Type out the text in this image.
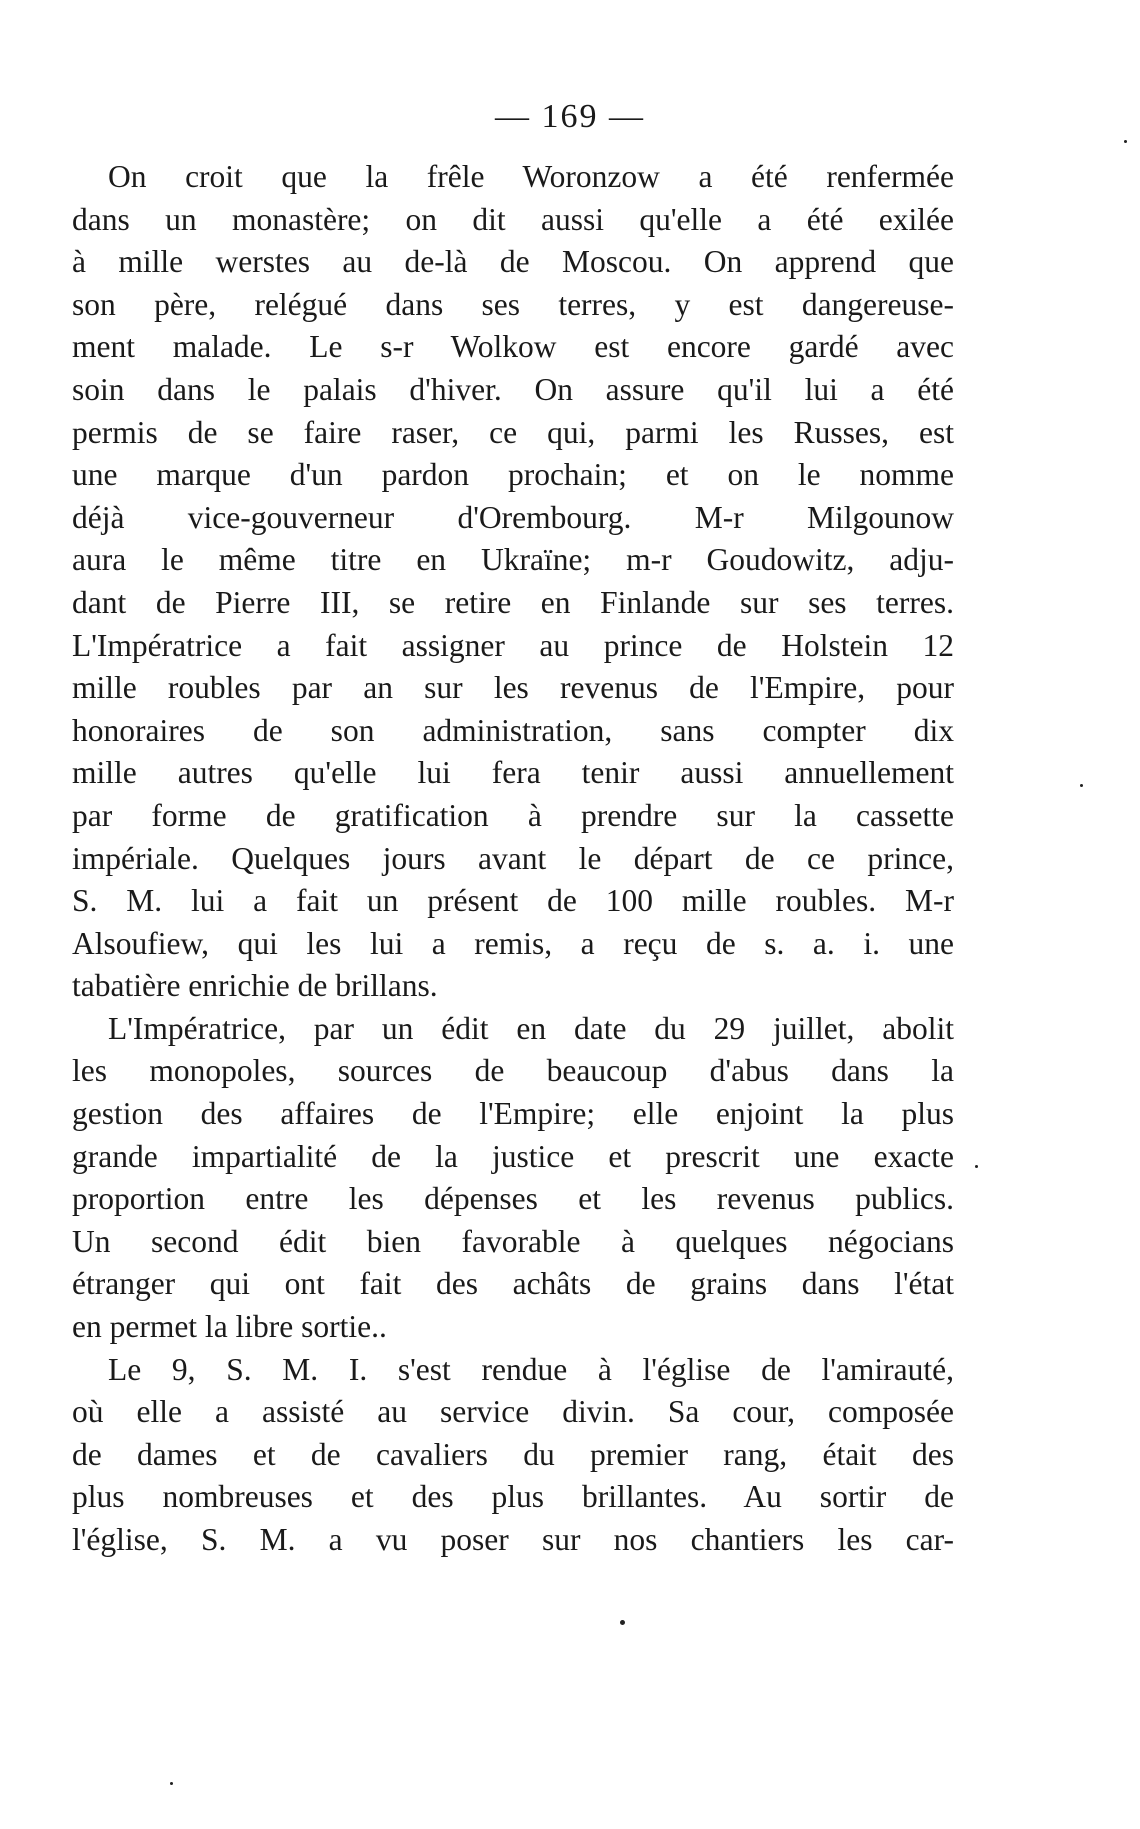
— 169 —
On croit que la frêle Woronzow a été renfermée
dans un monastère; on dit aussi qu'elle a été exilée
à mille werstes au de-là de Moscou. On apprend que
son père, relégué dans ses terres, y est dangereuse-
ment malade. Le s-r Wolkow est encore gardé avec
soin dans le palais d'hiver. On assure qu'il lui a été
permis de se faire raser, ce qui, parmi les Russes, est
une marque d'un pardon prochain; et on le nomme
déjà vice-gouverneur d'Orembourg. M-r Milgounow
aura le même titre en Ukraïne; m-r Goudowitz, adju-
dant de Pierre III, se retire en Finlande sur ses terres.
L'Impératrice a fait assigner au prince de Holstein 12
mille roubles par an sur les revenus de l'Empire, pour
honoraires de son administration, sans compter dix
mille autres qu'elle lui fera tenir aussi annuellement
par forme de gratification à prendre sur la cassette
impériale. Quelques jours avant le départ de ce prince,
S. M. lui a fait un présent de 100 mille roubles. M-r
Alsoufiew, qui les lui a remis, a reçu de s. a. i. une
tabatière enrichie de brillans.
L'Impératrice, par un édit en date du 29 juillet, abolit
les monopoles, sources de beaucoup d'abus dans la
gestion des affaires de l'Empire; elle enjoint la plus
grande impartialité de la justice et prescrit une exacte
proportion entre les dépenses et les revenus publics.
Un second édit bien favorable à quelques négocians
étranger qui ont fait des achâts de grains dans l'état
en permet la libre sortie..
Le 9, S. M. I. s'est rendue à l'église de l'amirauté,
où elle a assisté au service divin. Sa cour, composée
de dames et de cavaliers du premier rang, était des
plus nombreuses et des plus brillantes. Au sortir de
l'église, S. M. a vu poser sur nos chantiers les car-
